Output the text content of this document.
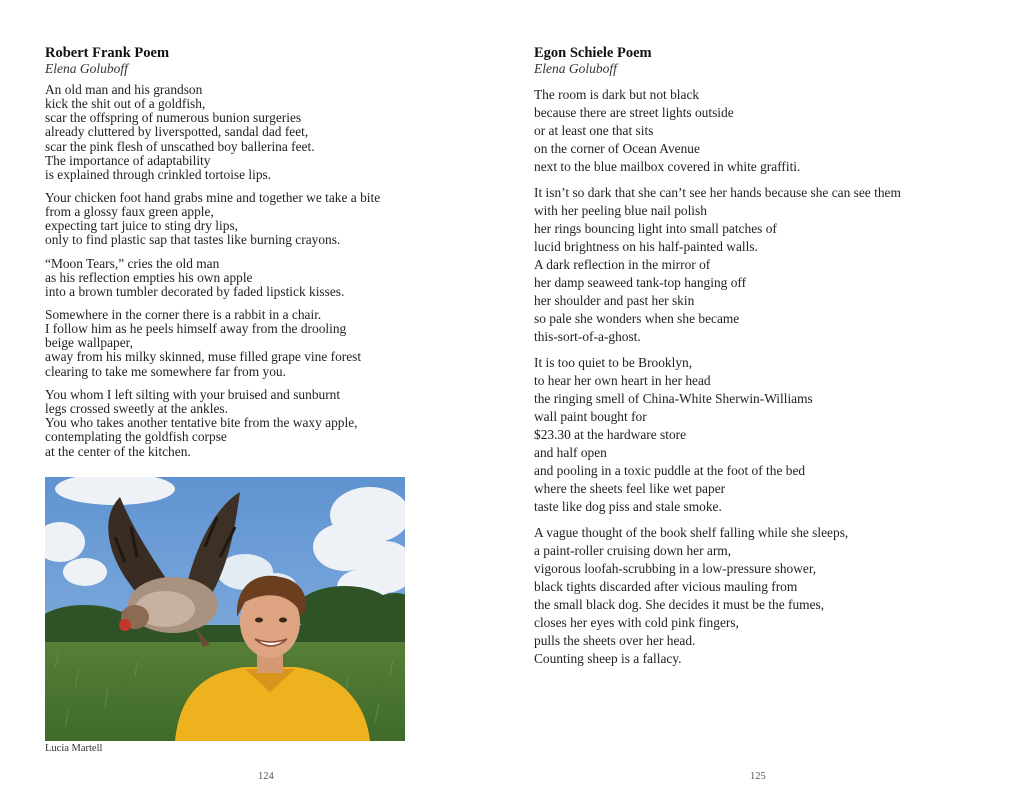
Robert Frank Poem
Elena Goluboff
An old man and his grandson
kick the shit out of a goldfish,
scar the offspring of numerous bunion surgeries
already cluttered by liverspotted, sandal dad feet,
scar the pink flesh of unscathed boy ballerina feet.
The importance of adaptability
is explained through crinkled tortoise lips.
Your chicken foot hand grabs mine and together we take a bite
from a glossy faux green apple,
expecting tart juice to sting dry lips,
only to find plastic sap that tastes like burning crayons.
“Moon Tears,” cries the old man
as his reflection empties his own apple
into a brown tumbler decorated by faded lipstick kisses.
Somewhere in the corner there is a rabbit in a chair.
I follow him as he peels himself away from the drooling
beige wallpaper,
away from his milky skinned, muse filled grape vine forest
clearing to take me somewhere far from you.
You whom I left silting with your bruised and sunburnt
legs crossed sweetly at the ankles.
You who takes another tentative bite from the waxy apple,
contemplating the goldfish corpse
at the center of the kitchen.
Lucia Martell
124
Egon Schiele Poem
Elena Goluboff
The room is dark but not black
because there are street lights outside
or at least one that sits
on the corner of Ocean Avenue
next to the blue mailbox covered in white graffiti.
It isn’t so dark that she can’t see her hands because she can see them
with her peeling blue nail polish
her rings bouncing light into small patches of
lucid brightness on his half-painted walls.
A dark reflection in the mirror of
her damp seaweed tank-top hanging off
her shoulder and past her skin
so pale she wonders when she became
this-sort-of-a-ghost.
It is too quiet to be Brooklyn,
to hear her own heart in her head
the ringing smell of China-White Sherwin-Williams
wall paint bought for
$23.30 at the hardware store
and half open
and pooling in a toxic puddle at the foot of the bed
where the sheets feel like wet paper
taste like dog piss and stale smoke.
A vague thought of the book shelf falling while she sleeps,
a paint-roller cruising down her arm,
vigorous loofah-scrubbing in a low-pressure shower,
black tights discarded after vicious mauling from
the small black dog. She decides it must be the fumes,
closes her eyes with cold pink fingers,
pulls the sheets over her head.
Counting sheep is a fallacy.
125
